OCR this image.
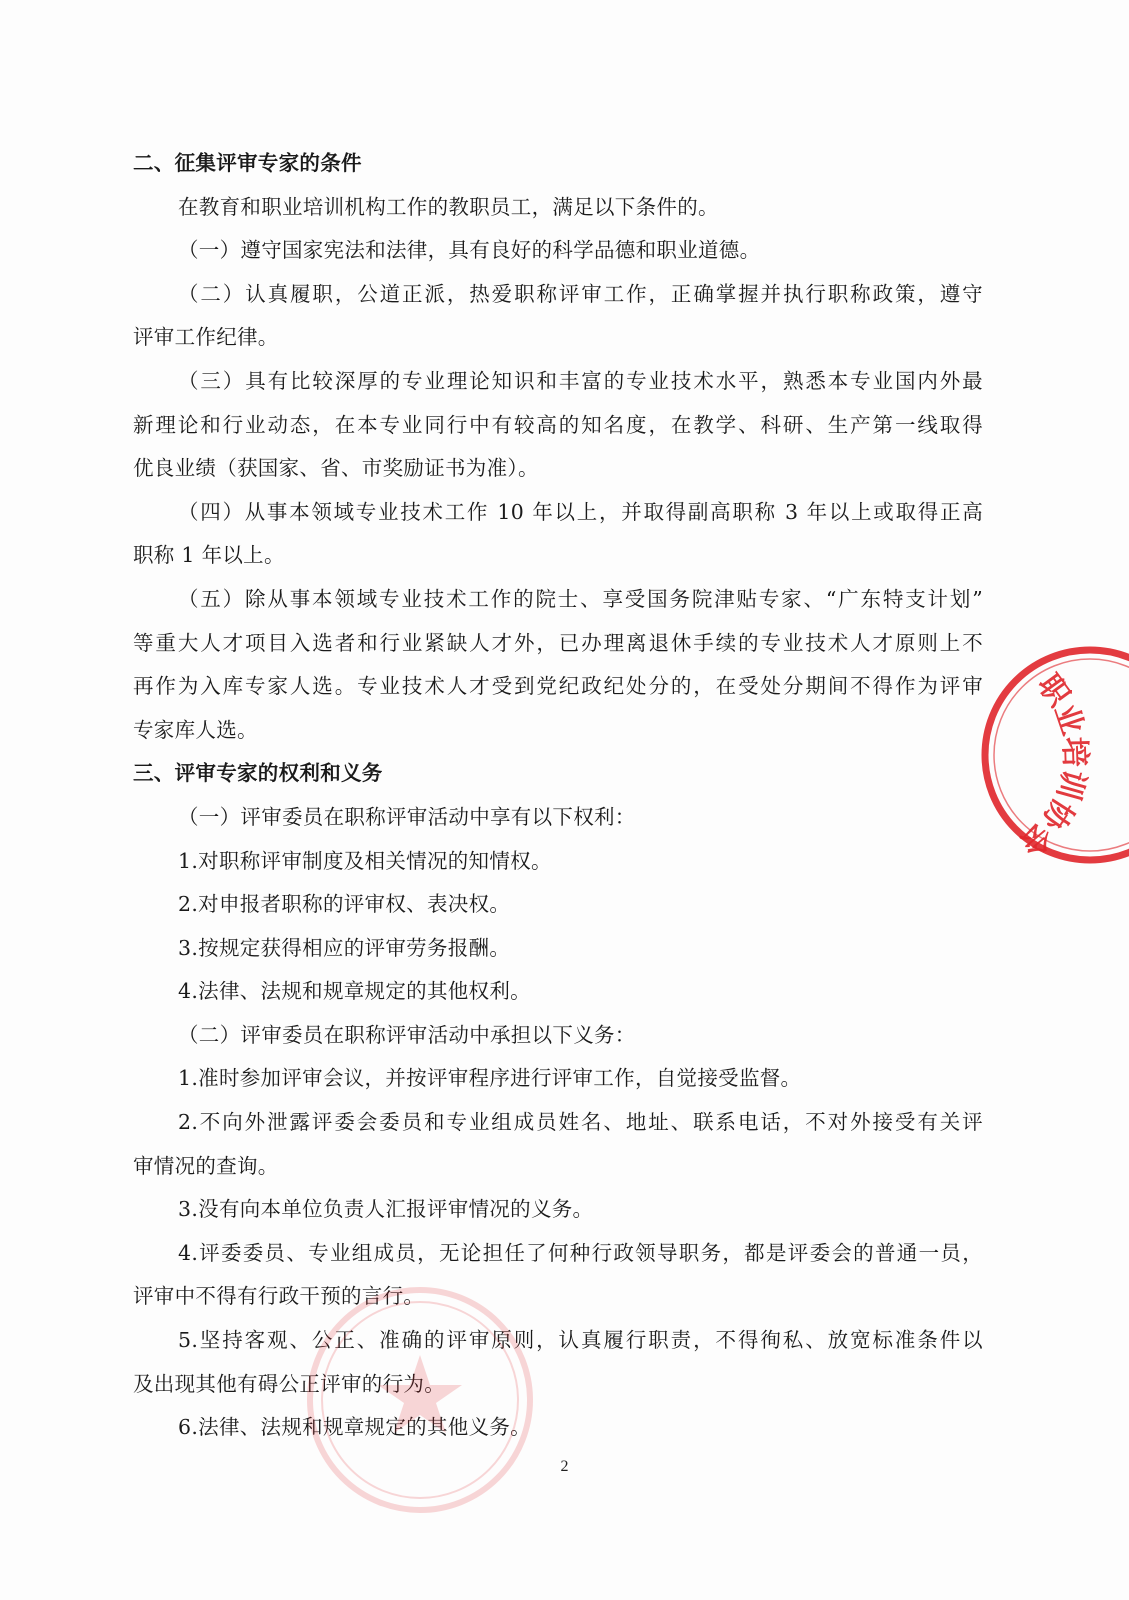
二、征集评审专家的条件

在教育和职业培训机构工作的教职员工，满足以下条件的。

（一）遵守国家宪法和法律，具有良好的科学品德和职业道德。

（二）认真履职，公道正派，热爱职称评审工作，正确掌握并执行职称政策，遵守

评审工作纪律。

（三）具有比较深厚的专业理论知识和丰富的专业技术水平，熟悉本专业国内外最

新理论和行业动态，在本专业同行中有较高的知名度，在教学、科研、生产第一线取得

优良业绩（获国家、省、市奖励证书为准）。

（四）从事本领域专业技术工作 10 年以上，并取得副高职称 3 年以上或取得正高

职称 1 年以上。

（五）除从事本领域专业技术工作的院士、享受国务院津贴专家、“广东特支计划”

等重大人才项目入选者和行业紧缺人才外，已办理离退休手续的专业技术人才原则上不

再作为入库专家人选。专业技术人才受到党纪政纪处分的，在受处分期间不得作为评审

专家库人选。

三、评审专家的权利和义务

（一）评审委员在职称评审活动中享有以下权利：

1.对职称评审制度及相关情况的知情权。

2.对申报者职称的评审权、表决权。

3.按规定获得相应的评审劳务报酬。

4.法律、法规和规章规定的其他权利。

（二）评审委员在职称评审活动中承担以下义务：

1.准时参加评审会议，并按评审程序进行评审工作，自觉接受监督。

2.不向外泄露评委会委员和专业组成员姓名、地址、联系电话，不对外接受有关评

审情况的查询。

3.没有向本单位负责人汇报评审情况的义务。

4.评委委员、专业组成员，无论担任了何种行政领导职务，都是评委会的普通一员，

评审中不得有行政干预的言行。

5.坚持客观、公正、准确的评审原则，认真履行职责，不得徇私、放宽标准条件以

及出现其他有碍公正评审的行为。

6.法律、法规和规章规定的其他义务。

职业培训协会
2
